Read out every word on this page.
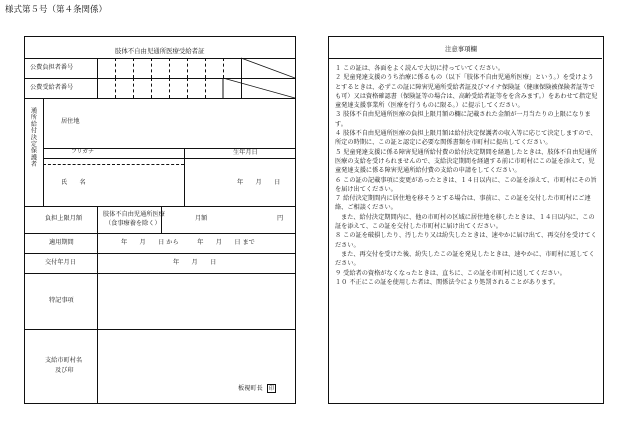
様式第５号（第４条関係）
肢体不自由児通所医療受給者証
公費負担者番号
公費受給者番号
通所給付決定保護者	居住地
フリガナ	生年月日
氏　　名	年　　月　　日
負担上限月額
肢体不自由児通所医療
（食事療養を除く）
月額	円
適用期間	年　　月　　日 から　　　年　　月　　日 まで
交付年月日	年　　月　　日
特記事項
支給市町村名
及び印
板視町長	印
注意事項欄

１ この証は、各面をよく読んで大切に持っていてください。

２ 児童発達支援のうち治療に係るもの（以下「肢体不自由児通所医療」という。）を受けようとするときは、必ずこの証に障害児通所受給者証及びマイナ保険証（健康保険被保険者証等でも可）又は資格確認書（保険証等の場合は、高齢受給者証等をを含みます。）をあわせて指定児童発達支援事業所（医療を行うものに限る。）に提示してください。

３ 肢体不自由児通所医療の負担上限月額の欄に記載された金額が一月当たりの上限になります。

４ 肢体不自由児通所医療の負担上限月額は給付決定保護者の収入等に応じて決定しますので、所定の時期に、この証と認定に必要な関係書類を市町村に提出してください。

５ 児童発達支援に係る障害児通所給付費の給付決定期間を経過したときは、肢体不自由児通所医療の支給を受けられませんので、支給決定期間を経過する前に市町村にこの証を添えて、児童発達支援に係る障害児通所給付費の支給の申請をしてください。

６ この証の記載事項に変更があったときは、１４日以内に、この証を添えて、市町村にその旨を届け出てください。

７ 給付決定期間内に居住地を移そうとする場合は、事前に、この証を交付した市町村にご連絡、ご相談ください。

また、給付決定期間内に、他の市町村の区域に居住地を移したときは、１４日以内に、この証を添えて、この証を交付した市町村に届け出てください。

８ この証を破損したり、汚したり又は紛失したときは、速やかに届け出て、再交付を受けてください。

また、再交付を受けた後、紛失したこの証を発見したときは、速やかに、市町村に返してください。

９ 受給者の資格がなくなったときは、直ちに、この証を市町村に返してください。

１０ 不正にこの証を使用した者は、関係法令により処罰されることがあります。
